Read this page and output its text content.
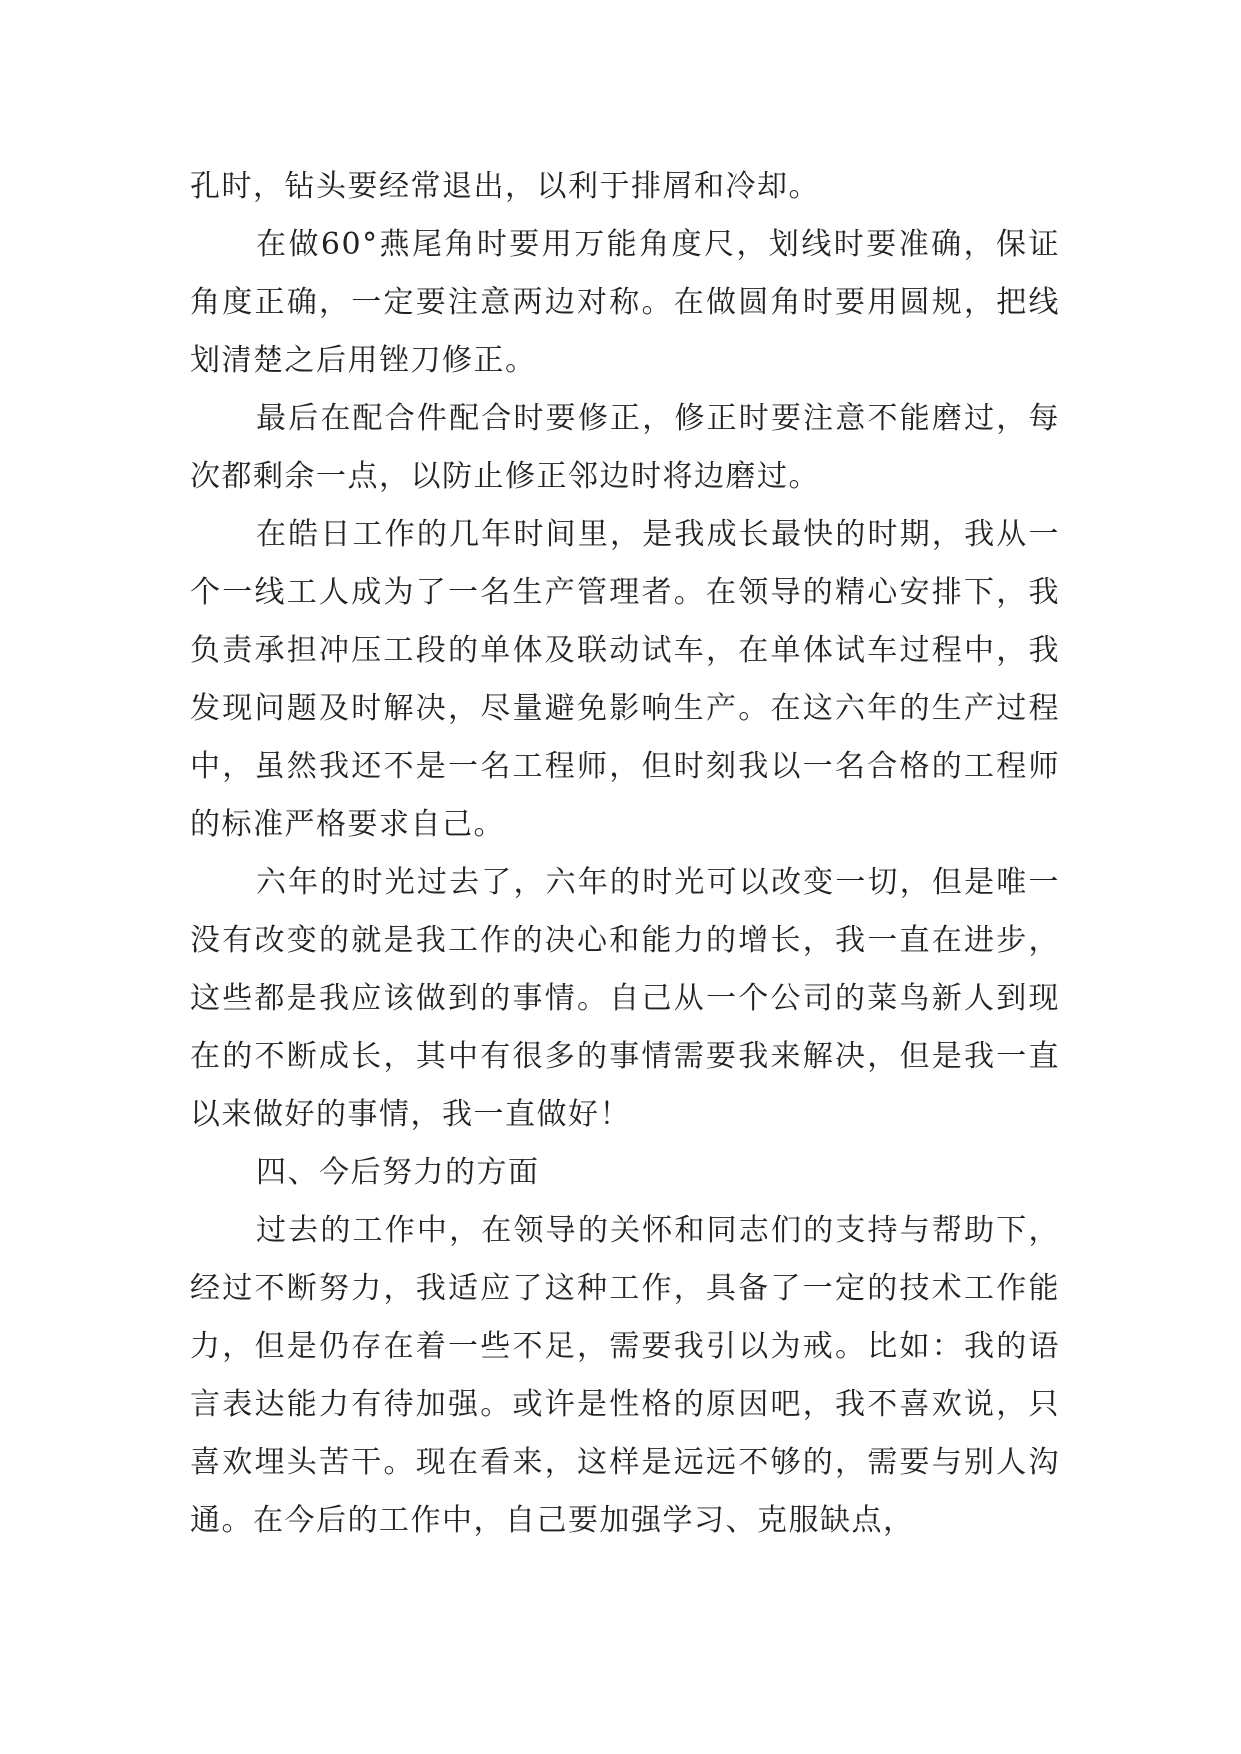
孔时，钻头要经常退出，以利于排屑和冷却。

在做60°燕尾角时要用万能角度尺，划线时要准确，保证角度正确，一定要注意两边对称。在做圆角时要用圆规，把线划清楚之后用锉刀修正。

最后在配合件配合时要修正，修正时要注意不能磨过，每次都剩余一点，以防止修正邻边时将边磨过。

在皓日工作的几年时间里，是我成长最快的时期，我从一个一线工人成为了一名生产管理者。在领导的精心安排下，我负责承担冲压工段的单体及联动试车，在单体试车过程中，我发现问题及时解决，尽量避免影响生产。在这六年的生产过程中，虽然我还不是一名工程师，但时刻我以一名合格的工程师的标准严格要求自己。

六年的时光过去了，六年的时光可以改变一切，但是唯一没有改变的就是我工作的决心和能力的增长，我一直在进步，这些都是我应该做到的事情。自己从一个公司的菜鸟新人到现在的不断成长，其中有很多的事情需要我来解决，但是我一直以来做好的事情，我一直做好！

四、今后努力的方面

过去的工作中，在领导的关怀和同志们的支持与帮助下，经过不断努力，我适应了这种工作，具备了一定的技术工作能力，但是仍存在着一些不足，需要我引以为戒。比如：我的语言表达能力有待加强。或许是性格的原因吧，我不喜欢说，只喜欢埋头苦干。现在看来，这样是远远不够的，需要与别人沟通。在今后的工作中，自己要加强学习、克服缺点，
